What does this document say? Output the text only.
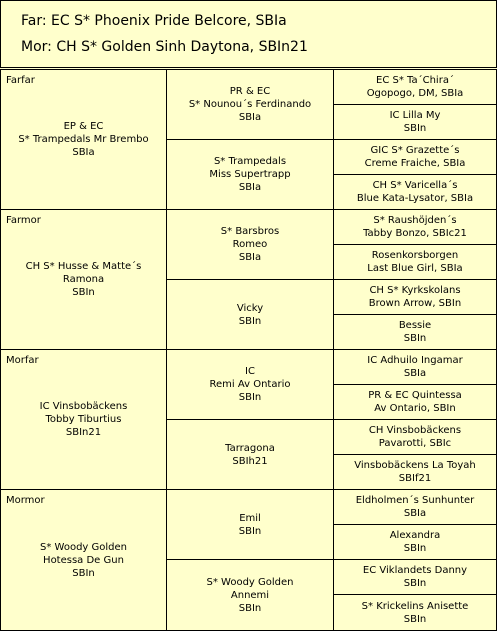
Far: EC S* Phoenix Pride Belcore, SBIa
Mor: CH S* Golden Sinh Daytona, SBIn21
Farfar
EP & EC
S* Trampedals Mr Brembo
SBIa
Farmor
CH S* Husse & Matte´s
Ramona
SBIn
Morfar
IC Vinsbobäckens
Tobby Tiburtius
SBIn21
Mormor
S* Woody Golden
Hotessa De Gun
SBIn
PR & EC
S* Nounou´s Ferdinando
SBIa
S* Trampedals
Miss Supertrapp
SBIa
S* Barsbros
Romeo
SBIa
Vicky
SBIn
IC
Remi Av Ontario
SBIn
Tarragona
SBIh21
Emil
SBIn
S* Woody Golden
Annemi
SBIn
EC S* Ta´Chira´
Ogopogo, DM, SBIa
IC Lilla My
SBIn
GIC S* Grazette´s
Creme Fraiche, SBIa
CH S* Varicella´s
Blue Kata-Lysator, SBIa
S* Raushöjden´s
Tabby Bonzo, SBIc21
Rosenkorsborgen
Last Blue Girl, SBIa
CH S* Kyrkskolans
Brown Arrow, SBIn
Bessie
SBIn
IC Adhuilo Ingamar
SBIa
PR & EC Quintessa
Av Ontario, SBIn
CH Vinsbobäckens
Pavarotti, SBIc
Vinsbobäckens La Toyah
SBIf21
Eldholmen´s Sunhunter
SBIa
Alexandra
SBIn
EC Viklandets Danny
SBIn
S* Krickelins Anisette
SBIn
